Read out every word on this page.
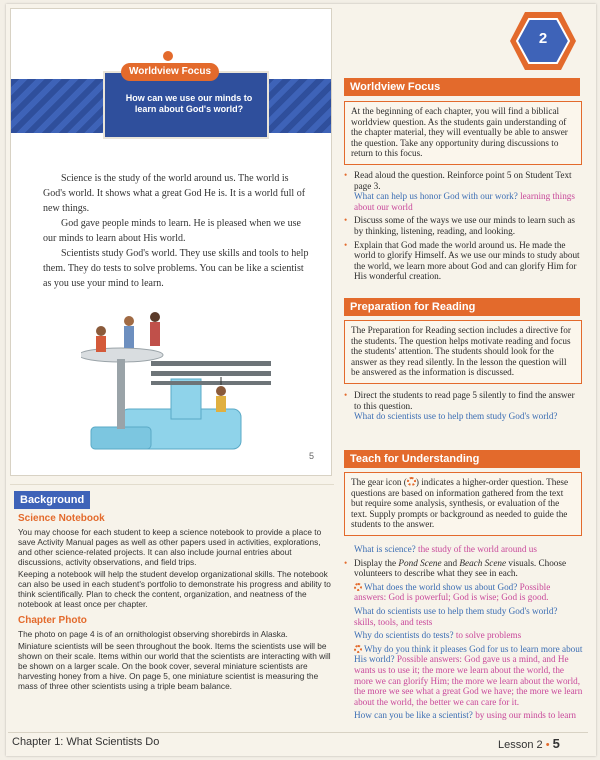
Worldview Focus
How can we use our minds to learn about God's world?

Science is the study of the world around us. The world is God's world. It shows what a great God He is. It is a world full of new things.

God gave people minds to learn. He is pleased when we use our minds to learn about His world.

Scientists study God's world. They use skills and tools to help them. They do tests to solve problems. You can be like a scientist as you use your mind to learn.

5
2
Worldview Focus
At the beginning of each chapter, you will find a biblical worldview question. As the students gain understanding of the chapter material, they will eventually be able to answer the question. Take any opportunity during discussions to return to this focus.
• Read aloud the question. Reinforce point 5 on Student Text page 3.
What can help us honor God with our work? learning things about our world
• Discuss some of the ways we use our minds to learn such as by thinking, listening, reading, and looking.
• Explain that God made the world around us. He made the world to glorify Himself. As we use our minds to study about the world, we learn more about God and can glorify Him for His wonderful creation.
Preparation for Reading
The Preparation for Reading section includes a directive for the students. The question helps motivate reading and focus the students' attention. The students should look for the answer as they read silently. In the lesson the question will be answered as the information is discussed.
• Direct the students to read page 5 silently to find the answer to this question.
What do scientists use to help them study God's world?
Teach for Understanding
The gear icon ( ) indicates a higher-order question. These questions are based on information gathered from the text but require some analysis, synthesis, or evaluation of the text. Supply prompts or background as needed to guide the students to the answer.
What is science? the study of the world around us
• Display the Pond Scene and Beach Scene visuals. Choose volunteers to describe what they see in each.
What does the world show us about God? Possible answers: God is powerful; God is wise; God is good.
What do scientists use to help them study God's world?
skills, tools, and tests
Why do scientists do tests? to solve problems
Why do you think it pleases God for us to learn more about His world? Possible answers: God gave us a mind, and He wants us to use it; the more we learn about the world, the more we can glorify Him; the more we learn about the world, the more we see what a great God we have; the more we learn about the world, the better we can care for it.
How can you be like a scientist? by using our minds to learn
Background
Science Notebook
You may choose for each student to keep a science notebook to provide a place to save Activity Manual pages as well as other papers used in activities, explorations, and other science-related projects. It can also include journal entries about discussions, activity observations, and field trips.
Keeping a notebook will help the student develop organizational skills. The notebook can also be used in each student's portfolio to demonstrate his progress and ability to think scientifically. Plan to check the content, organization, and neatness of the notebook at least once per chapter.
Chapter Photo
The photo on page 4 is of an ornithologist observing shorebirds in Alaska.
Miniature scientists will be seen throughout the book. Items the scientists use will be shown on their scale. Items within our world that the scientists are interacting with will be shown on a larger scale. On the book cover, several miniature scientists are harvesting honey from a hive. On page 5, one miniature scientist is measuring the mass of three other scientists using a triple beam balance.
Chapter 1: What Scientists Do	Lesson 2 • 5
